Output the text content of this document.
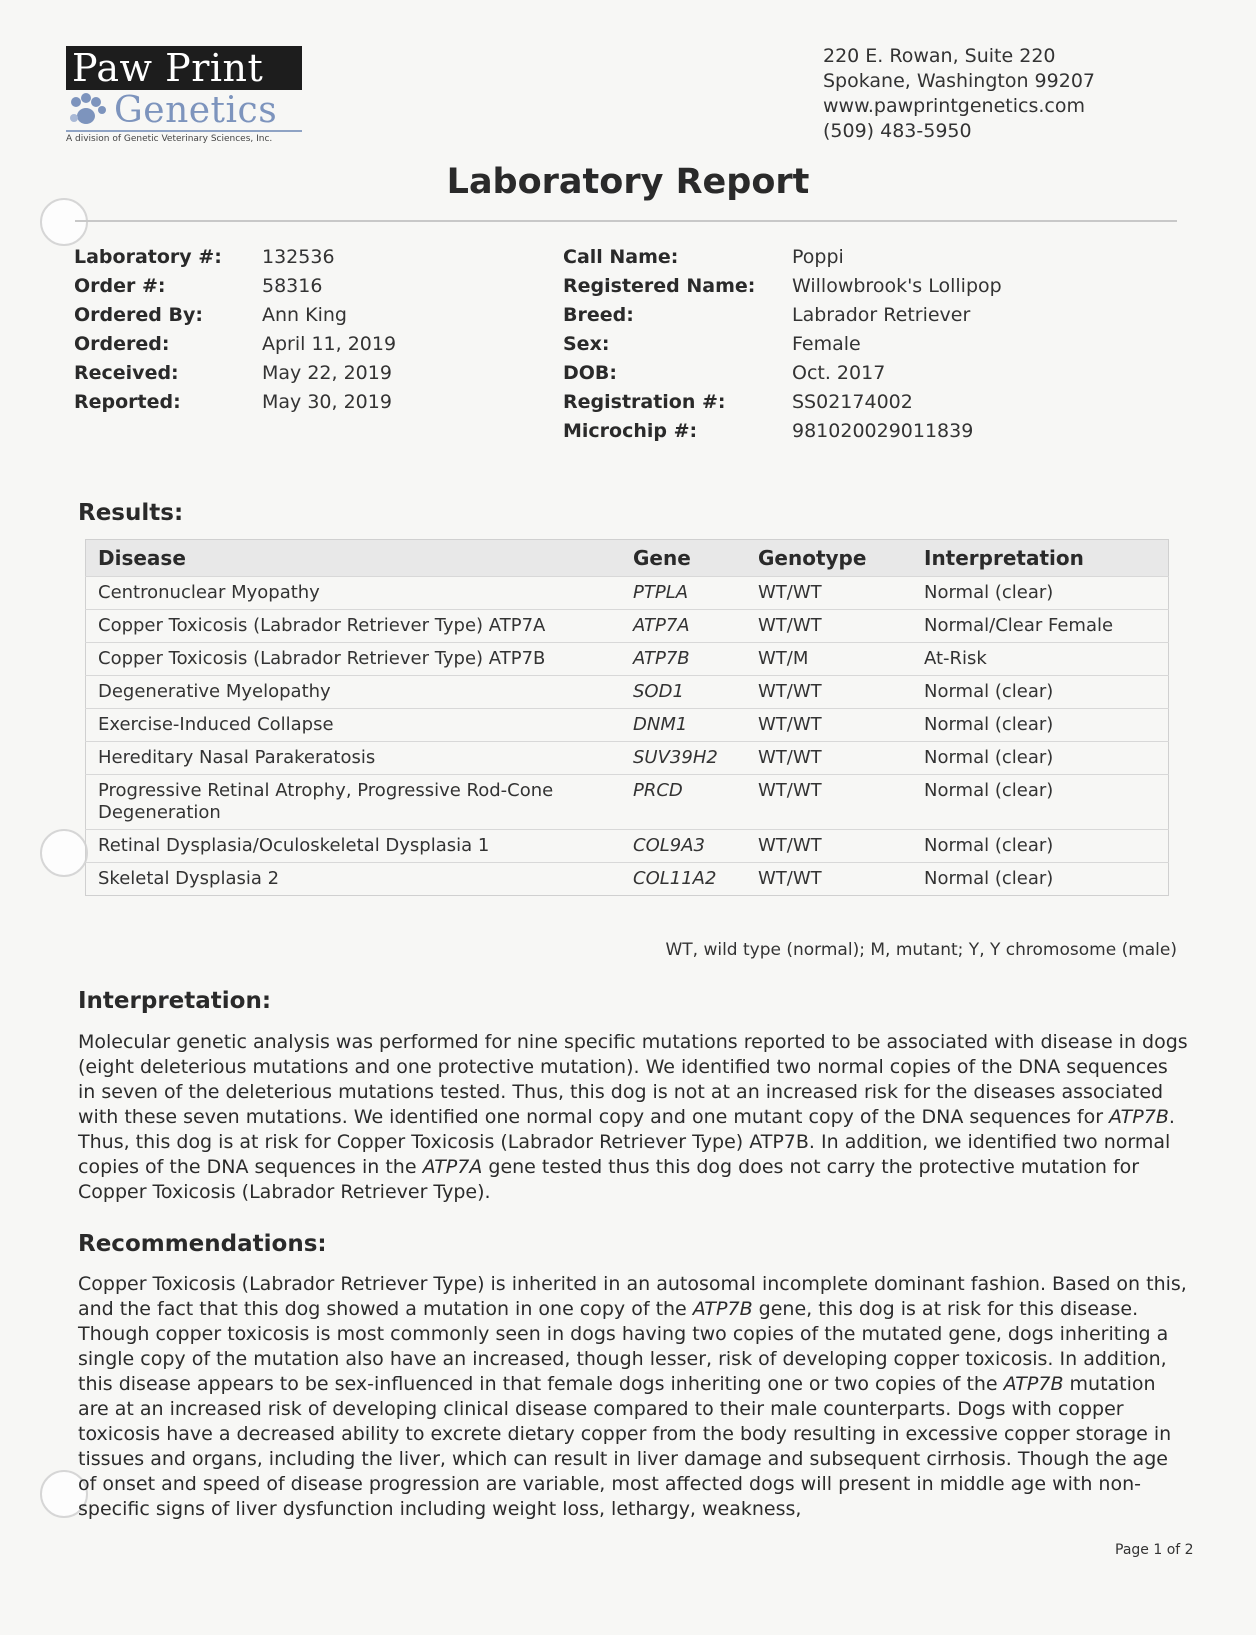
Paw Print
Genetics
A division of Genetic Veterinary Sciences, Inc.
220 E. Rowan, Suite 220
Spokane, Washington 99207
www.pawprintgenetics.com
(509) 483-5950
Laboratory Report
Laboratory #:	132536
Order #:	58316
Ordered By:	Ann King
Ordered:	April 11, 2019
Received:	May 22, 2019
Reported:	May 30, 2019
Call Name:	Poppi
Registered Name:	Willowbrook's Lollipop
Breed:	Labrador Retriever
Sex:	Female
DOB:	Oct. 2017
Registration #:	SS02174002
Microchip #:	981020029011839
Results:
Disease	Gene	Genotype	Interpretation
Centronuclear Myopathy	PTPLA	WT/WT	Normal (clear)
Copper Toxicosis (Labrador Retriever Type) ATP7A	ATP7A	WT/WT	Normal/Clear Female
Copper Toxicosis (Labrador Retriever Type) ATP7B	ATP7B	WT/M	At-Risk
Degenerative Myelopathy	SOD1	WT/WT	Normal (clear)
Exercise-Induced Collapse	DNM1	WT/WT	Normal (clear)
Hereditary Nasal Parakeratosis	SUV39H2	WT/WT	Normal (clear)
Progressive Retinal Atrophy, Progressive Rod-Cone Degeneration	PRCD	WT/WT	Normal (clear)
Retinal Dysplasia/Oculoskeletal Dysplasia 1	COL9A3	WT/WT	Normal (clear)
Skeletal Dysplasia 2	COL11A2	WT/WT	Normal (clear)
WT, wild type (normal); M, mutant; Y, Y chromosome (male)
Interpretation:
Molecular genetic analysis was performed for nine specific mutations reported to be associated with disease in dogs (eight deleterious mutations and one protective mutation). We identified two normal copies of the DNA sequences in seven of the deleterious mutations tested. Thus, this dog is not at an increased risk for the diseases associated with these seven mutations. We identified one normal copy and one mutant copy of the DNA sequences for ATP7B. Thus, this dog is at risk for Copper Toxicosis (Labrador Retriever Type) ATP7B. In addition, we identified two normal copies of the DNA sequences in the ATP7A gene tested thus this dog does not carry the protective mutation for Copper Toxicosis (Labrador Retriever Type).
Recommendations:
Copper Toxicosis (Labrador Retriever Type) is inherited in an autosomal incomplete dominant fashion. Based on this, and the fact that this dog showed a mutation in one copy of the ATP7B gene, this dog is at risk for this disease. Though copper toxicosis is most commonly seen in dogs having two copies of the mutated gene, dogs inheriting a single copy of the mutation also have an increased, though lesser, risk of developing copper toxicosis. In addition, this disease appears to be sex-influenced in that female dogs inheriting one or two copies of the ATP7B mutation are at an increased risk of developing clinical disease compared to their male counterparts. Dogs with copper toxicosis have a decreased ability to excrete dietary copper from the body resulting in excessive copper storage in tissues and organs, including the liver, which can result in liver damage and subsequent cirrhosis. Though the age of onset and speed of disease progression are variable, most affected dogs will present in middle age with non-specific signs of liver dysfunction including weight loss, lethargy, weakness,
Page 1 of 2
